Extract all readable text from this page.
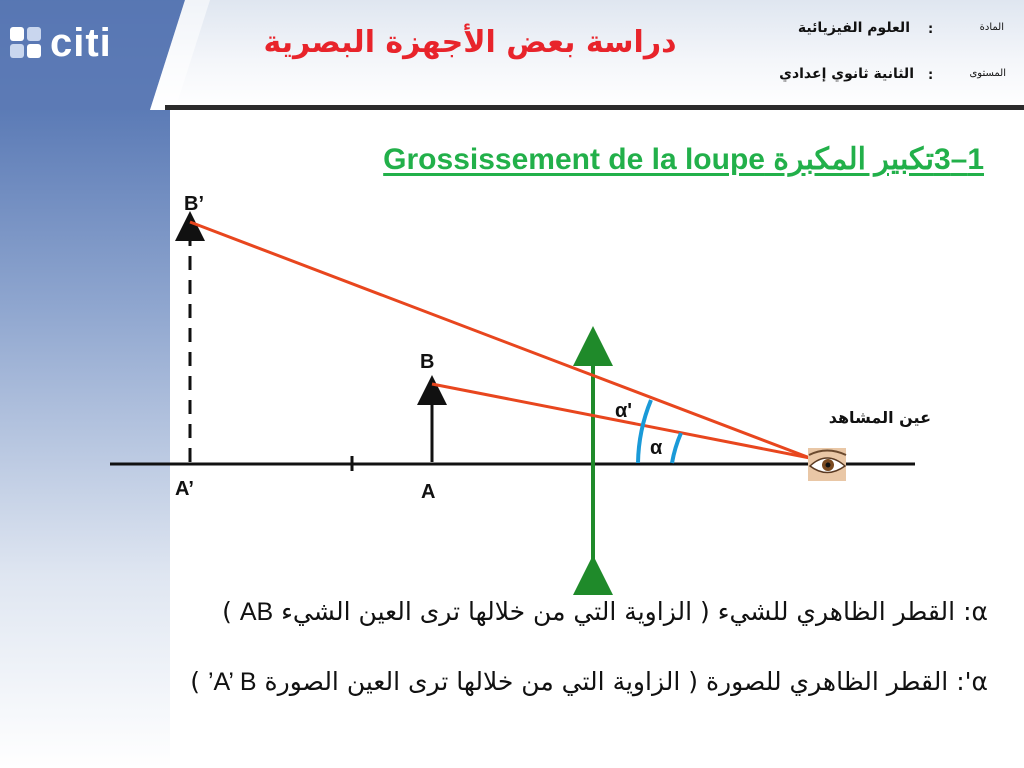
citi	دراسة بعض الأجهزة البصرية	المادة
:
العلوم الفيزيائية
المستوى
:
الثانية ثانوي إعدادي
1–3تكبير المكبرة Grossissement de la loupe
B’
A’
B
A
α'
α
عين المشاهد
α: القطر الظاهري للشيء ( الزاوية التي من خلالها ترى العين الشيء AB )
α': القطر الظاهري للصورة ( الزاوية التي من خلالها ترى العين الصورة A’ B’ )
